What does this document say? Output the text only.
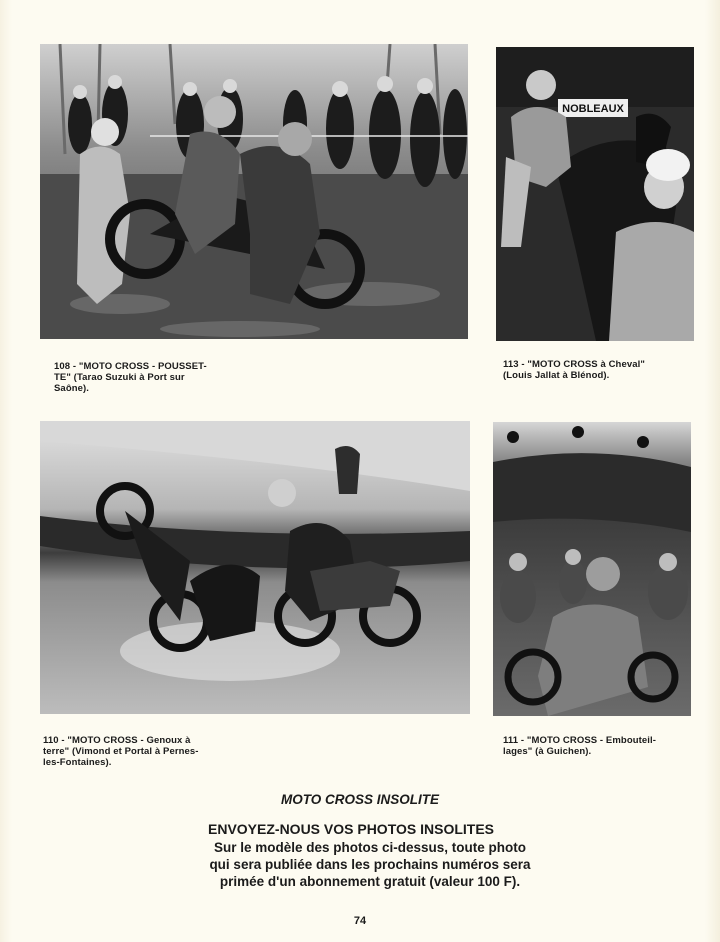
108 - "MOTO CROSS - POUSSET-
TE" (Tarao Suzuki à Port sur
Saône).
NOBLEAUX
113 - "MOTO CROSS à Cheval"
(Louis Jallat à Blénod).
110 - "MOTO CROSS - Genoux à
terre" (Vimond et Portal à Pernes-
les-Fontaines).
111 - "MOTO CROSS - Embouteil-
lages" (à Guichen).
MOTO CROSS INSOLITE
ENVOYEZ-NOUS VOS PHOTOS INSOLITES
Sur le modèle des photos ci-dessus, toute photo
qui sera publiée dans les prochains numéros sera
primée d'un abonnement gratuit (valeur 100 F).
74
